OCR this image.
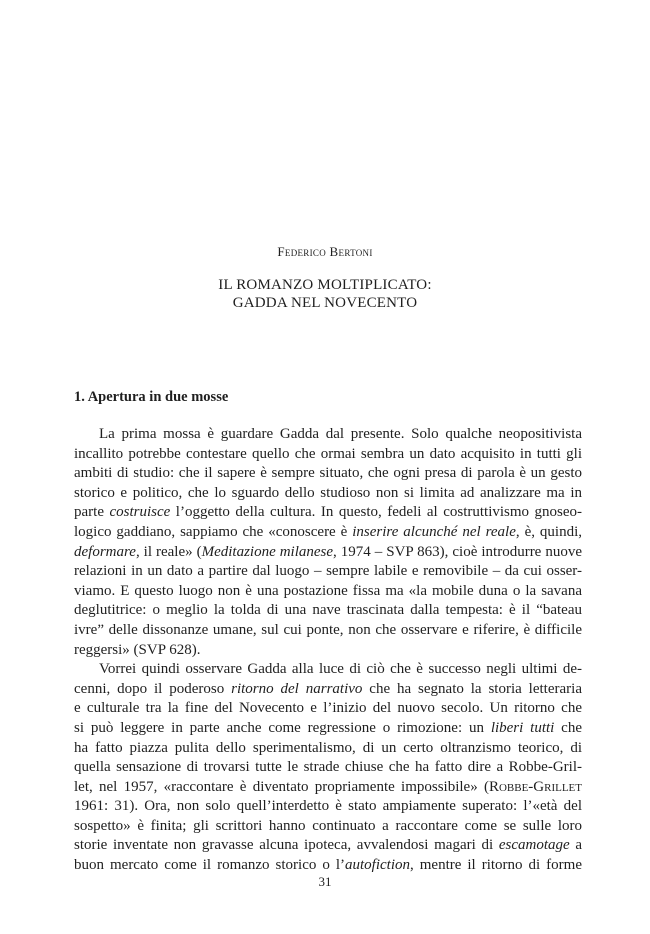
Federico Bertoni
IL ROMANZO MOLTIPLICATO:
GADDA NEL NOVECENTO
1. Apertura in due mosse
La prima mossa è guardare Gadda dal presente. Solo qualche neopositivista
incallito potrebbe contestare quello che ormai sembra un dato acquisito in tutti gli
ambiti di studio: che il sapere è sempre situato, che ogni presa di parola è un gesto
storico e politico, che lo sguardo dello studioso non si limita ad analizzare ma in
parte costruisce l’oggetto della cultura. In questo, fedeli al costruttivismo gnoseo-
logico gaddiano, sappiamo che «conoscere è inserire alcunché nel reale, è, quindi,
deformare, il reale» (Meditazione milanese, 1974 – SVP 863), cioè introdurre nuove
relazioni in un dato a partire dal luogo – sempre labile e removibile – da cui osser-
viamo. E questo luogo non è una postazione fissa ma «la mobile duna o la savana
deglutitrice: o meglio la tolda di una nave trascinata dalla tempesta: è il “bateau
ivre” delle dissonanze umane, sul cui ponte, non che osservare e riferire, è difficile
reggersi» (SVP 628).
Vorrei quindi osservare Gadda alla luce di ciò che è successo negli ultimi de-
cenni, dopo il poderoso ritorno del narrativo che ha segnato la storia letteraria
e culturale tra la fine del Novecento e l’inizio del nuovo secolo. Un ritorno che
si può leggere in parte anche come regressione o rimozione: un liberi tutti che
ha fatto piazza pulita dello sperimentalismo, di un certo oltranzismo teorico, di
quella sensazione di trovarsi tutte le strade chiuse che ha fatto dire a Robbe-Gril-
let, nel 1957, «raccontare è diventato propriamente impossibile» (Robbe-Grillet
1961: 31). Ora, non solo quell’interdetto è stato ampiamente superato: l’«età del
sospetto» è finita; gli scrittori hanno continuato a raccontare come se sulle loro
storie inventate non gravasse alcuna ipoteca, avvalendosi magari di escamotage a
buon mercato come il romanzo storico o l’autofiction, mentre il ritorno di forme
31
